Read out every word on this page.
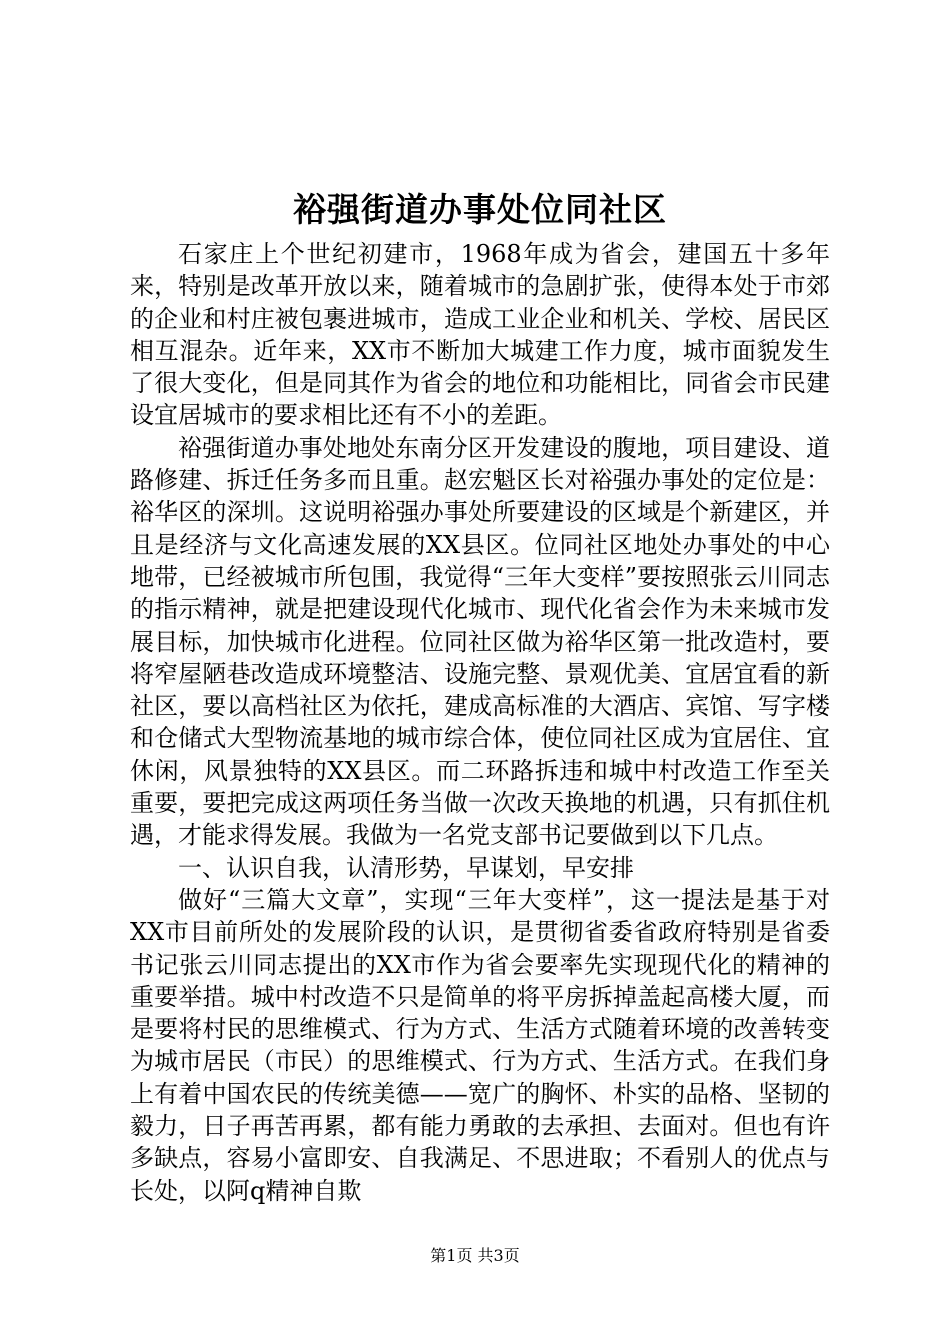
裕强街道办事处位同社区

石家庄上个世纪初建市，1968年成为省会，建国五十多年来，特别是改革开放以来，随着城市的急剧扩张，使得本处于市郊的企业和村庄被包裹进城市，造成工业企业和机关、学校、居民区相互混杂。近年来，XX市不断加大城建工作力度，城市面貌发生了很大变化，但是同其作为省会的地位和功能相比，同省会市民建设宜居城市的要求相比还有不小的差距。

裕强街道办事处地处东南分区开发建设的腹地，项目建设、道路修建、拆迁任务多而且重。赵宏魁区长对裕强办事处的定位是：裕华区的深圳。这说明裕强办事处所要建设的区域是个新建区，并且是经济与文化高速发展的XX县区。位同社区地处办事处的中心地带，已经被城市所包围，我觉得“三年大变样”要按照张云川同志的指示精神，就是把建设现代化城市、现代化省会作为未来城市发展目标，加快城市化进程。位同社区做为裕华区第一批改造村，要将窄屋陋巷改造成环境整洁、设施完整、景观优美、宜居宜看的新社区，要以高档社区为依托，建成高标准的大酒店、宾馆、写字楼和仓储式大型物流基地的城市综合体，使位同社区成为宜居住、宜休闲，风景独特的XX县区。而二环路拆违和城中村改造工作至关重要，要把完成这两项任务当做一次改天换地的机遇，只有抓住机遇，才能求得发展。我做为一名党支部书记要做到以下几点。

一、认识自我，认清形势，早谋划，早安排

做好“三篇大文章”，实现“三年大变样”，这一提法是基于对XX市目前所处的发展阶段的认识，是贯彻省委省政府特别是省委书记张云川同志提出的XX市作为省会要率先实现现代化的精神的重要举措。城中村改造不只是简单的将平房拆掉盖起高楼大厦，而是要将村民的思维模式、行为方式、生活方式随着环境的改善转变为城市居民（市民）的思维模式、行为方式、生活方式。在我们身上有着中国农民的传统美德——宽广的胸怀、朴实的品格、坚韧的毅力，日子再苦再累，都有能力勇敢的去承担、去面对。但也有许多缺点，容易小富即安、自我满足、不思进取；不看别人的优点与长处，以阿q精神自欺

第1页 共3页
